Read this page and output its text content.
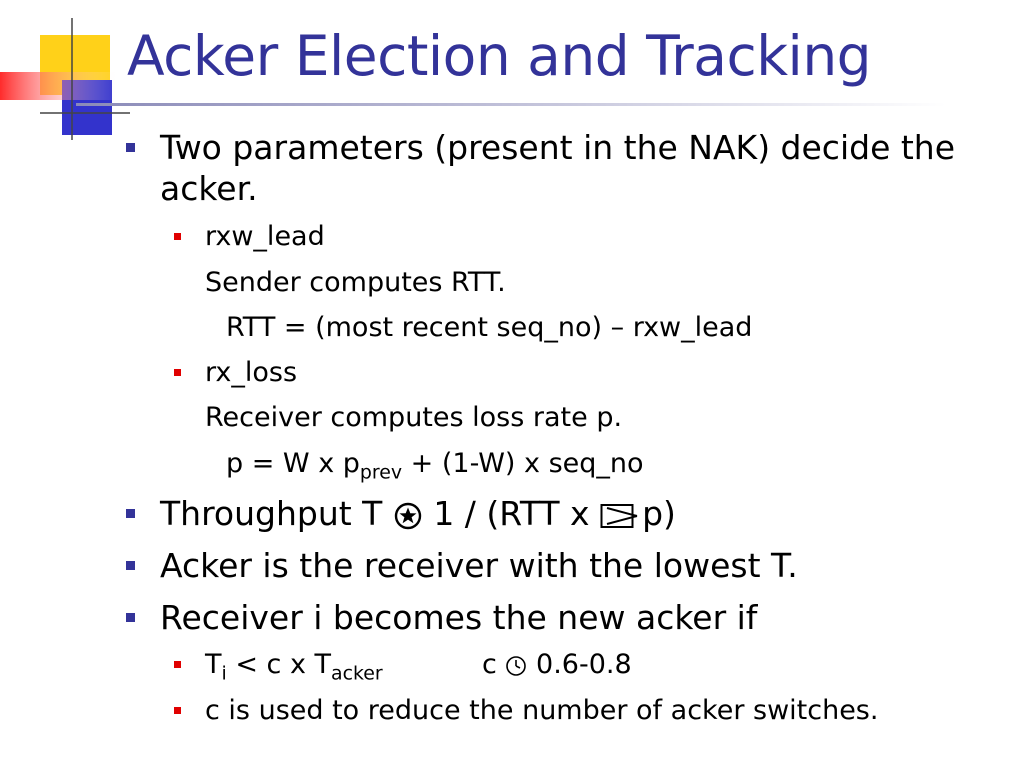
Acker Election and Tracking
Two parameters (present in the NAK) decide the acker.
rxw_lead
Sender computes RTT.
RTT = (most recent seq_no) – rxw_lead
rx_loss
Receiver computes loss rate p.
p = W x $p_{prev} + (1-W)$ x seq_no
Throughput T  1 / (RTT x p)
Acker is the receiver with the lowest T.
Receiver i becomes the new acker if
$T_i < c$ x $T_{acker}$	c  0.6-0.8
c is used to reduce the number of acker switches.
